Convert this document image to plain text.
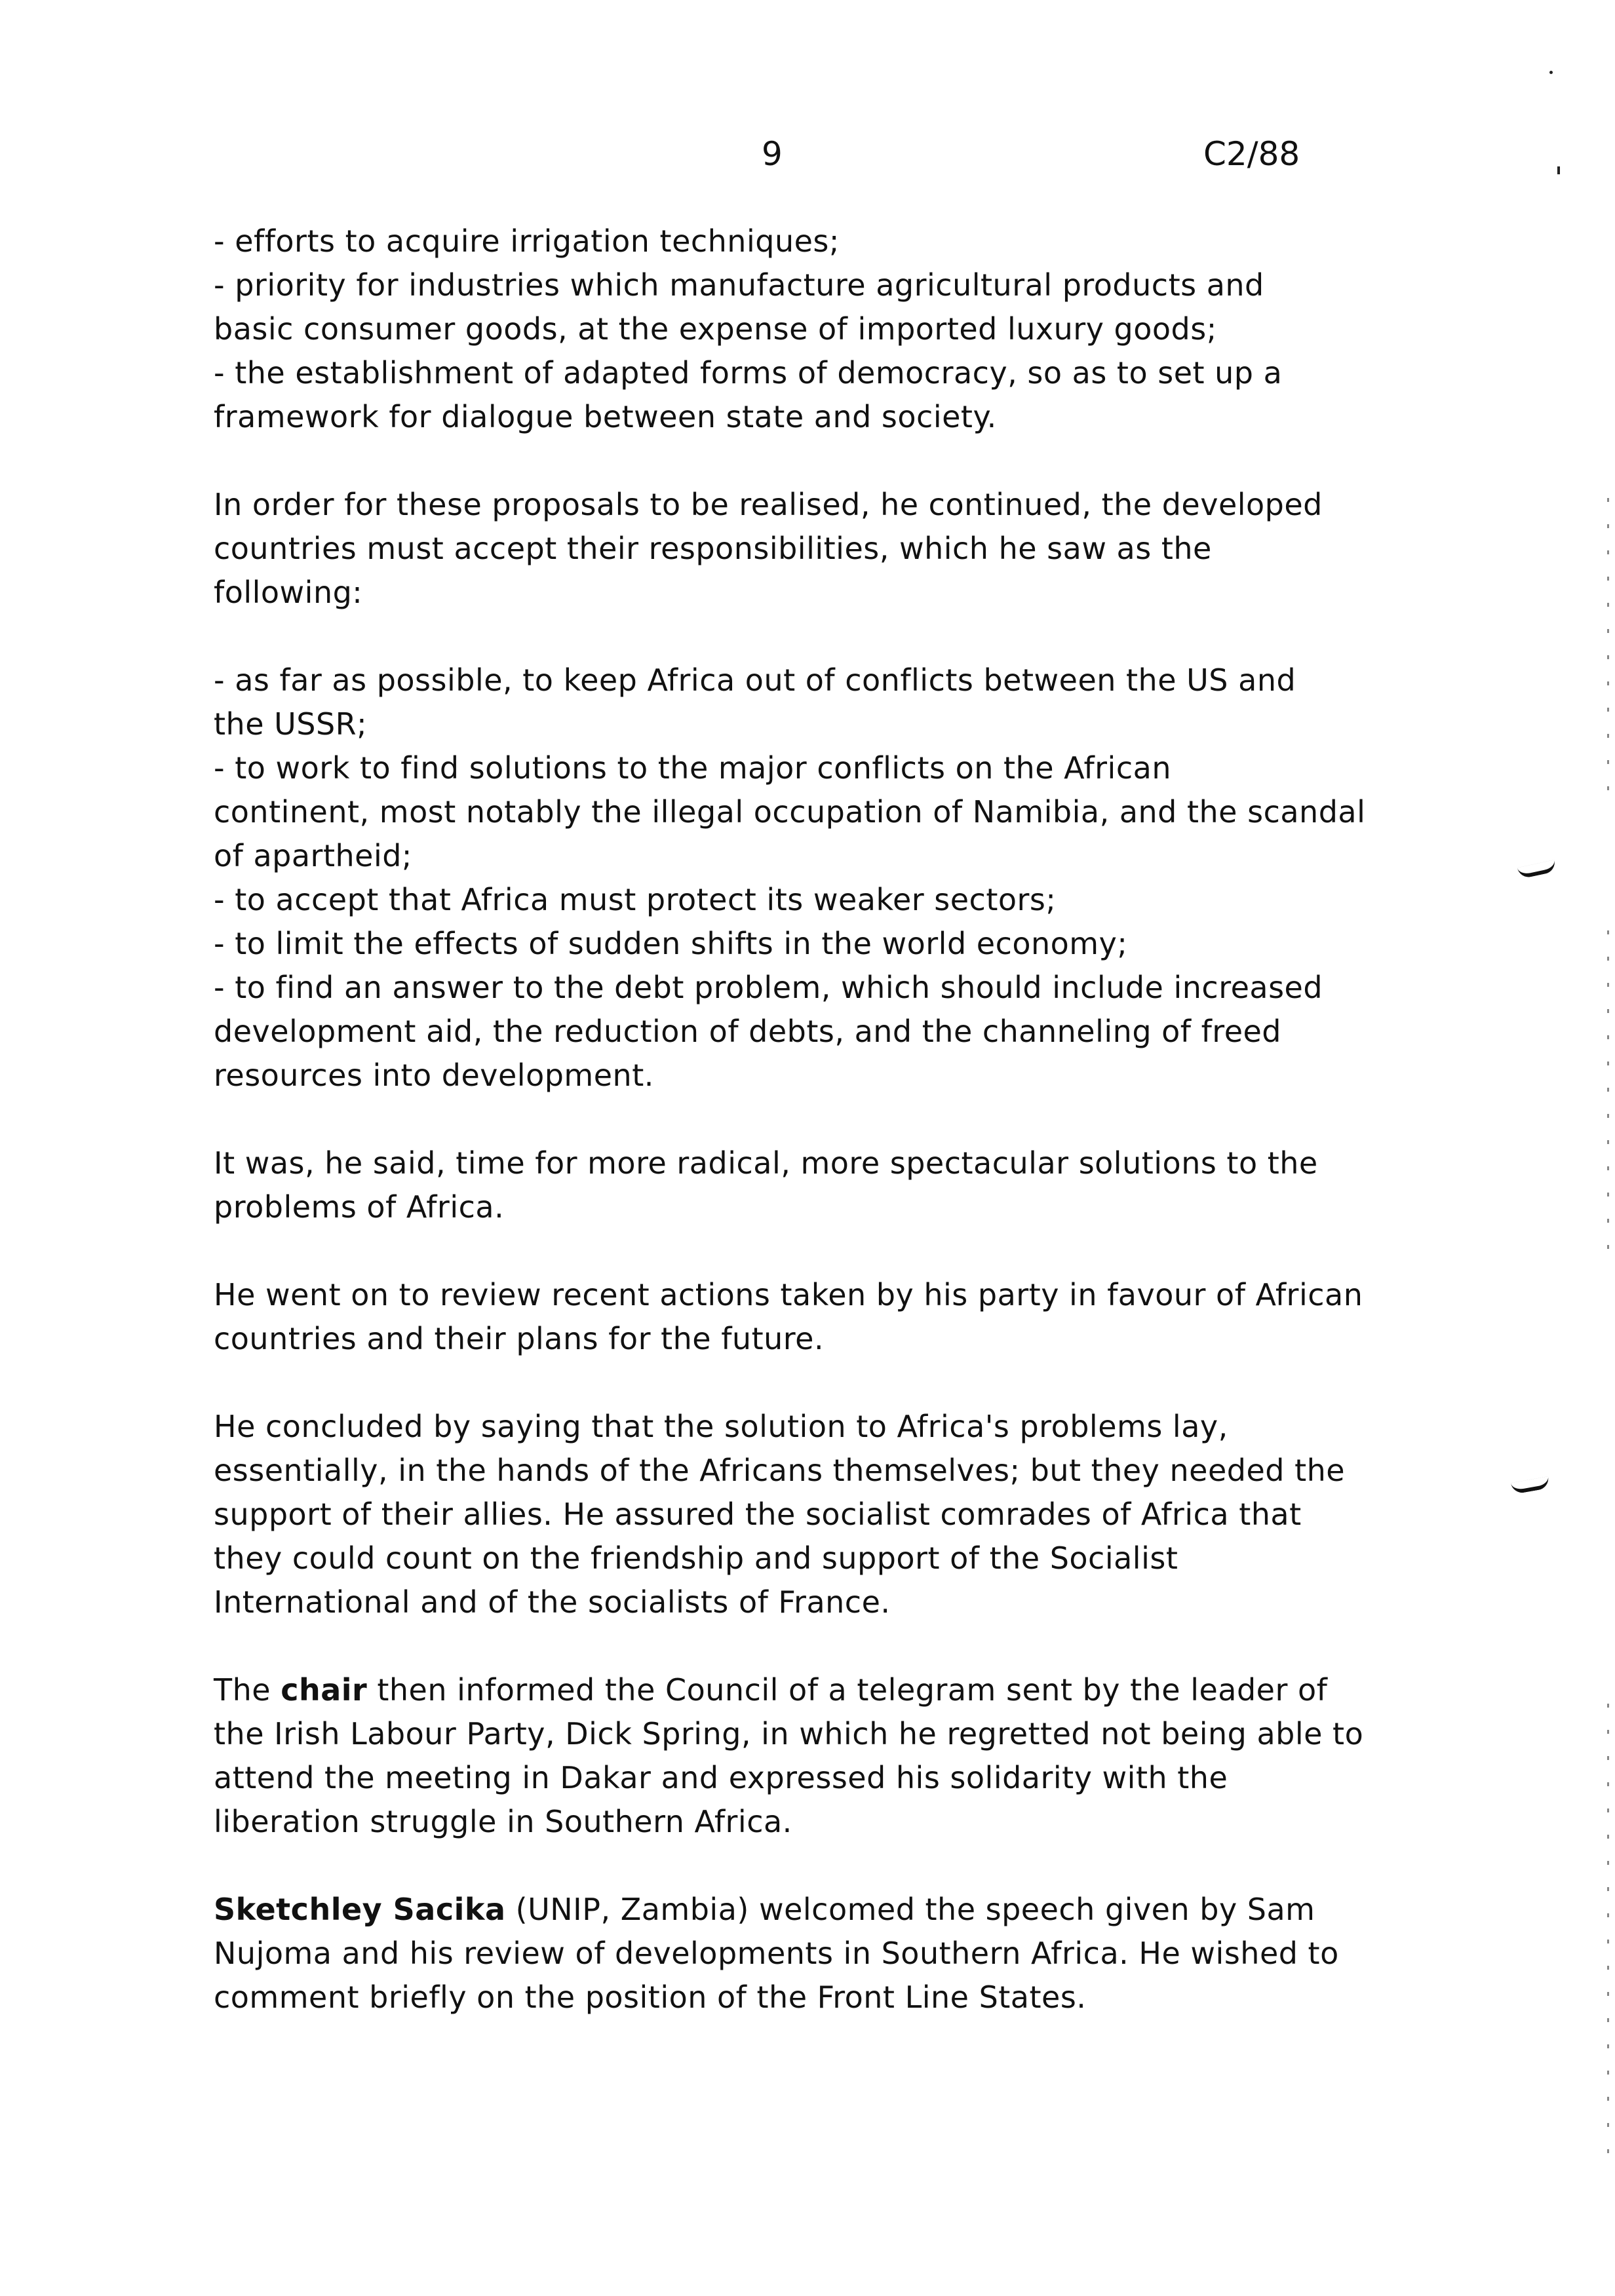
9	C2/88
- efforts to acquire irrigation techniques;
- priority for industries which manufacture agricultural products and
basic consumer goods, at the expense of imported luxury goods;
- the establishment of adapted forms of democracy, so as to set up a
framework for dialogue between state and society.
In order for these proposals to be realised, he continued, the developed
countries must accept their responsibilities, which he saw as the
following:
- as far as possible, to keep Africa out of conflicts between the US and
the USSR;
- to work to find solutions to the major conflicts on the African
continent, most notably the illegal occupation of Namibia, and the scandal
of apartheid;
- to accept that Africa must protect its weaker sectors;
- to limit the effects of sudden shifts in the world economy;
- to find an answer to the debt problem, which should include increased
development aid, the reduction of debts, and the channeling of freed
resources into development.
It was, he said, time for more radical, more spectacular solutions to the
problems of Africa.
He went on to review recent actions taken by his party in favour of African
countries and their plans for the future.
He concluded by saying that the solution to Africa's problems lay,
essentially, in the hands of the Africans themselves; but they needed the
support of their allies. He assured the socialist comrades of Africa that
they could count on the friendship and support of the Socialist
International and of the socialists of France.
The chair then informed the Council of a telegram sent by the leader of
the Irish Labour Party, Dick Spring, in which he regretted not being able to
attend the meeting in Dakar and expressed his solidarity with the
liberation struggle in Southern Africa.
Sketchley Sacika (UNIP, Zambia) welcomed the speech given by Sam
Nujoma and his review of developments in Southern Africa. He wished to
comment briefly on the position of the Front Line States.
